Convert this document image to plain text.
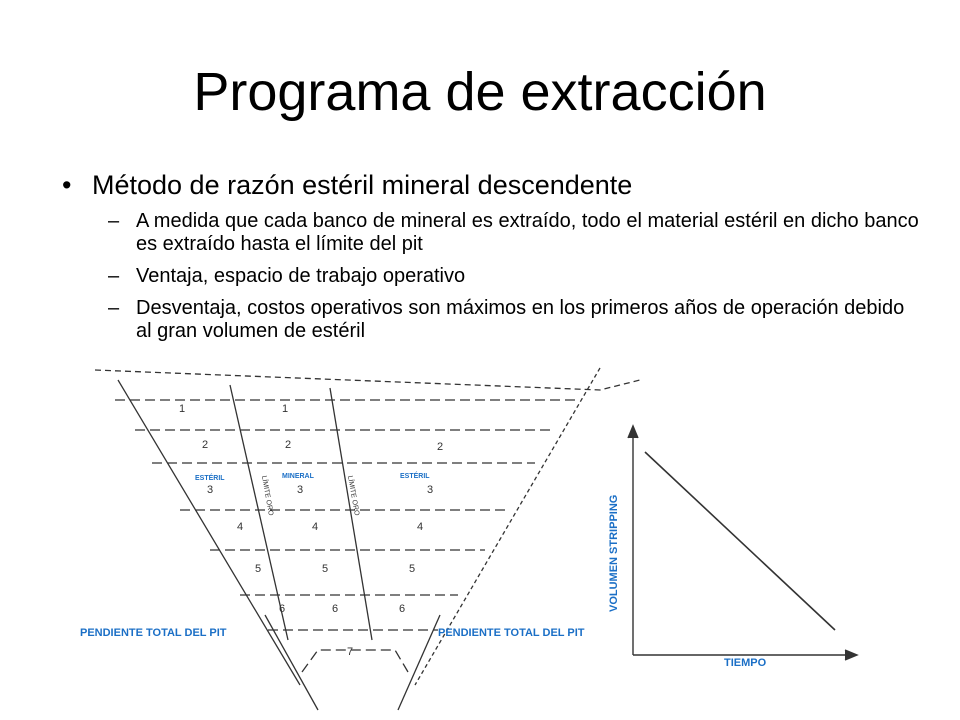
Programa de extracción
• Método de razón estéril mineral descendente
– A medida que cada banco de mineral es extraído, todo el material estéril en dicho banco es extraído hasta el límite del pit
– Ventaja, espacio de trabajo operativo
– Desventaja, costos operativos son máximos en los primeros años de operación debido al gran volumen de estéril
1	1
2	2	2
3	3	3
4	4	4
5	5	5
6	6	6
7
ESTÉRIL	MINERAL	ESTÉRIL
LÍMITE ORO	LÍMITE ORO
PENDIENTE TOTAL DEL PIT	PENDIENTE TOTAL DEL PIT
VOLUMEN STRIPPING
TIEMPO
